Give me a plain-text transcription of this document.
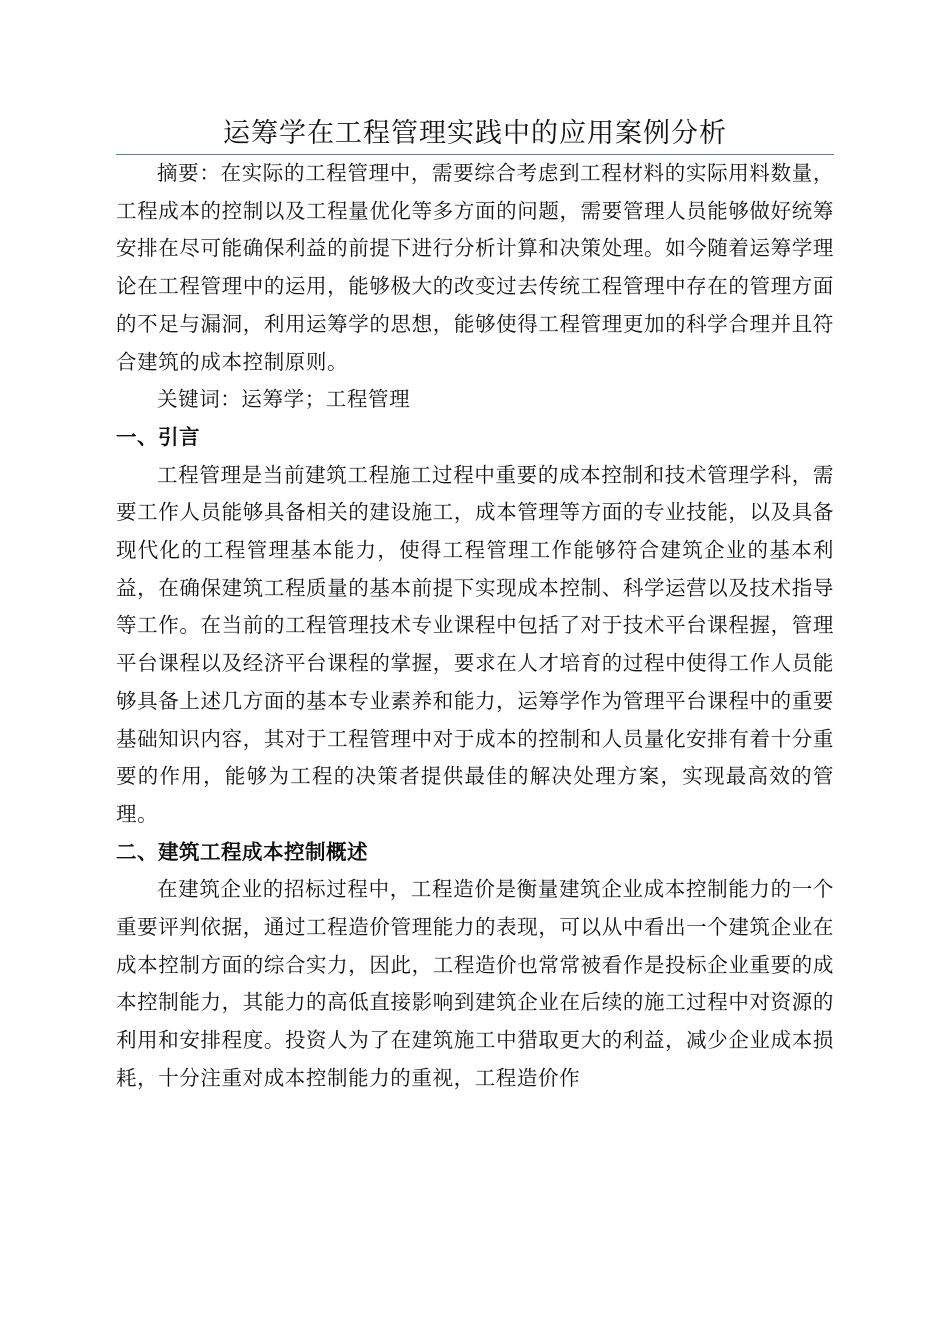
运筹学在工程管理实践中的应用案例分析

摘要：在实际的工程管理中，需要综合考虑到工程材料的实际用料数量，工程成本的控制以及工程量优化等多方面的问题，需要管理人员能够做好统筹安排在尽可能确保利益的前提下进行分析计算和决策处理。如今随着运筹学理论在工程管理中的运用，能够极大的改变过去传统工程管理中存在的管理方面的不足与漏洞，利用运筹学的思想，能够使得工程管理更加的科学合理并且符合建筑的成本控制原则。

关键词：运筹学；工程管理

一、引言

工程管理是当前建筑工程施工过程中重要的成本控制和技术管理学科，需要工作人员能够具备相关的建设施工，成本管理等方面的专业技能，以及具备现代化的工程管理基本能力，使得工程管理工作能够符合建筑企业的基本利益，在确保建筑工程质量的基本前提下实现成本控制、科学运营以及技术指导等工作。在当前的工程管理技术专业课程中包括了对于技术平台课程握，管理平台课程以及经济平台课程的掌握，要求在人才培育的过程中使得工作人员能够具备上述几方面的基本专业素养和能力，运筹学作为管理平台课程中的重要基础知识内容，其对于工程管理中对于成本的控制和人员量化安排有着十分重要的作用，能够为工程的决策者提供最佳的解决处理方案，实现最高效的管理。

二、建筑工程成本控制概述

在建筑企业的招标过程中，工程造价是衡量建筑企业成本控制能力的一个重要评判依据，通过工程造价管理能力的表现，可以从中看出一个建筑企业在成本控制方面的综合实力，因此，工程造价也常常被看作是投标企业重要的成本控制能力，其能力的高低直接影响到建筑企业在后续的施工过程中对资源的利用和安排程度。投资人为了在建筑施工中猎取更大的利益，减少企业成本损耗，十分注重对成本控制能力的重视，工程造价作
